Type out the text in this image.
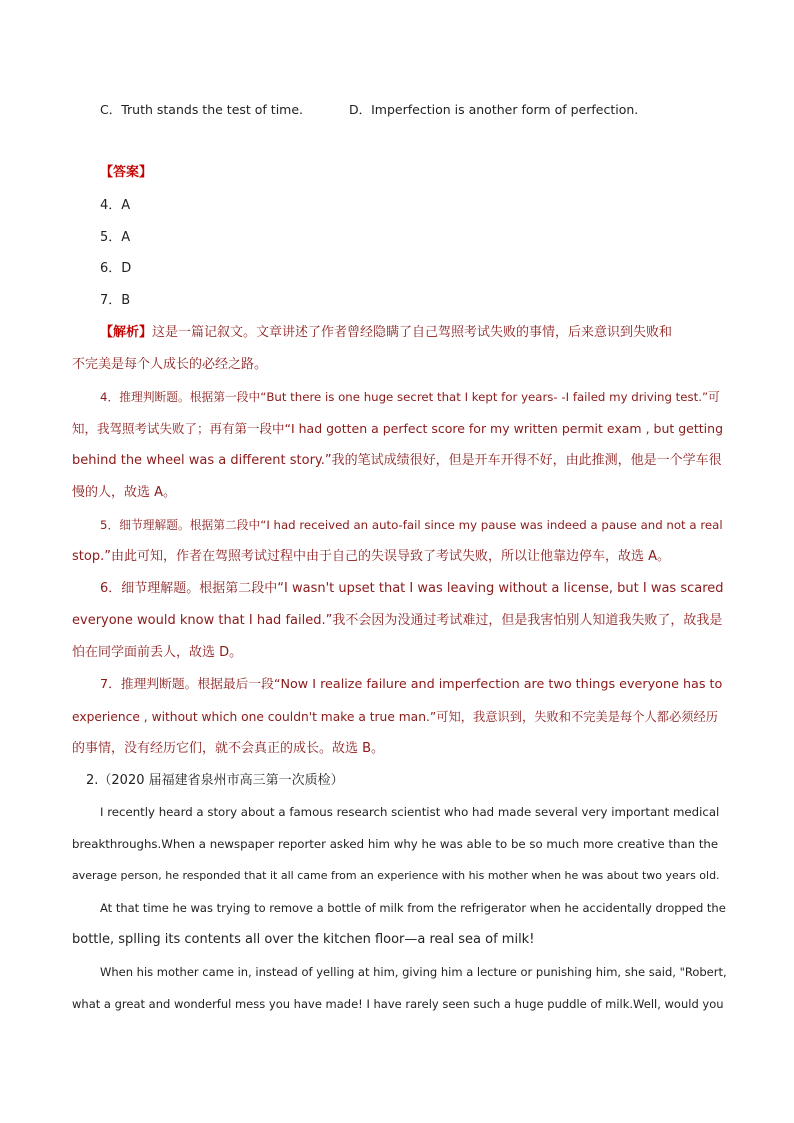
C．Truth stands the test of time.	D．Imperfection is another form of perfection.
【答案】
4．A
5．A
6．D
7．B
【解析】这是一篇记叙文。文章讲述了作者曾经隐瞒了自己驾照考试失败的事情，后来意识到失败和
不完美是每个人成长的必经之路。
4．推理判断题。根据第一段中“But there is one huge secret that I kept for years- -I failed my driving test.”可
知，我驾照考试失败了；再有第一段中“I had gotten a perfect score for my written permit exam , but getting
behind the wheel was a different story.”我的笔试成绩很好，但是开车开得不好，由此推测，他是一个学车很
慢的人，故选 A。
5．细节理解题。根据第二段中“I had received an auto-fail since my pause was indeed a pause and not a real
stop.”由此可知，作者在驾照考试过程中由于自己的失误导致了考试失败，所以让他靠边停车，故选 A。
6．细节理解题。根据第二段中“I wasn't upset that I was leaving without a license, but I was scared
everyone would know that I had failed.”我不会因为没通过考试难过，但是我害怕别人知道我失败了，故我是
怕在同学面前丢人，故选 D。
7．推理判断题。根据最后一段“Now I realize failure and imperfection are two things everyone has to
experience , without which one couldn't make a true man.”可知，我意识到，失败和不完美是每个人都必须经历
的事情，没有经历它们，就不会真正的成长。故选 B。
2.（2020 届福建省泉州市高三第一次质检）
I recently heard a story about a famous research scientist who had made several very important medical
breakthroughs.When a newspaper reporter asked him why he was able to be so much more creative than the
average person, he responded that it all came from an experience with his mother when he was about two years old.
At that time he was trying to remove a bottle of milk from the refrigerator when he accidentally dropped the
bottle, splling its contents all over the kitchen floor—a real sea of milk!
When his mother came in, instead of yelling at him, giving him a lecture or punishing him, she said, "Robert,
what a great and wonderful mess you have made! I have rarely seen such a huge puddle of milk.Well, would you
